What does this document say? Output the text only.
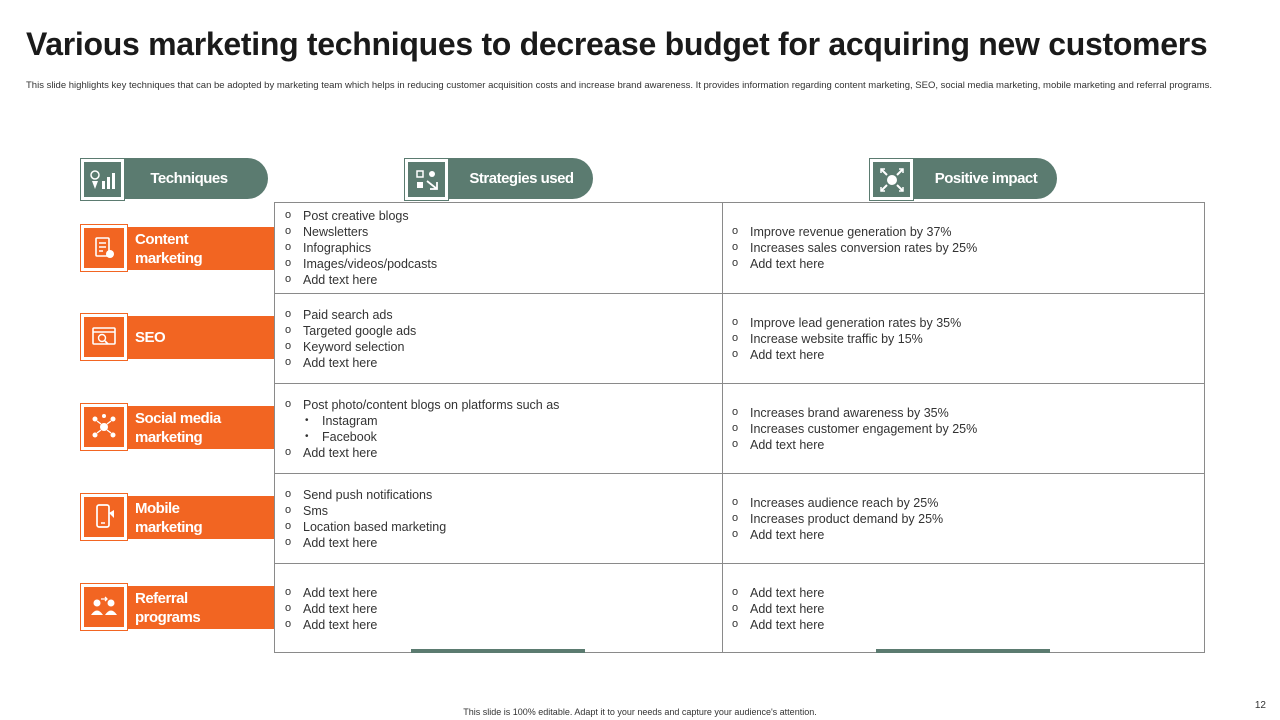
Various marketing techniques to decrease budget for acquiring new customers
This slide highlights key techniques that can be adopted by marketing team which helps in reducing customer acquisition costs and increase brand awareness. It provides information regarding content marketing, SEO, social media marketing, mobile marketing and referral programs.
Techniques	Strategies used	Positive impact
Content marketing
SEO
Social media marketing
Mobile marketing
Referral programs
o Post creative blogs
o Newsletters
o Infographics
o Images/videos/podcasts
o Add text here
o Improve revenue generation by 37%
o Increases sales conversion rates by 25%
o Add text here
o Paid search ads
o Targeted google ads
o Keyword selection
o Add text here
o Improve lead generation rates by 35%
o Increase website traffic by 15%
o Add text here
o Post photo/content blogs on platforms such as
• Instagram
• Facebook
o Add text here
o Increases brand awareness by 35%
o Increases customer engagement by 25%
o Add text here
o Send push notifications
o Sms
o Location based marketing
o Add text here
o Increases audience reach by 25%
o Increases product demand by 25%
o Add text here
o Add text here
o Add text here
o Add text here
o Add text here
o Add text here
o Add text here
This slide is 100% editable. Adapt it to your needs and capture your audience's attention.
12
